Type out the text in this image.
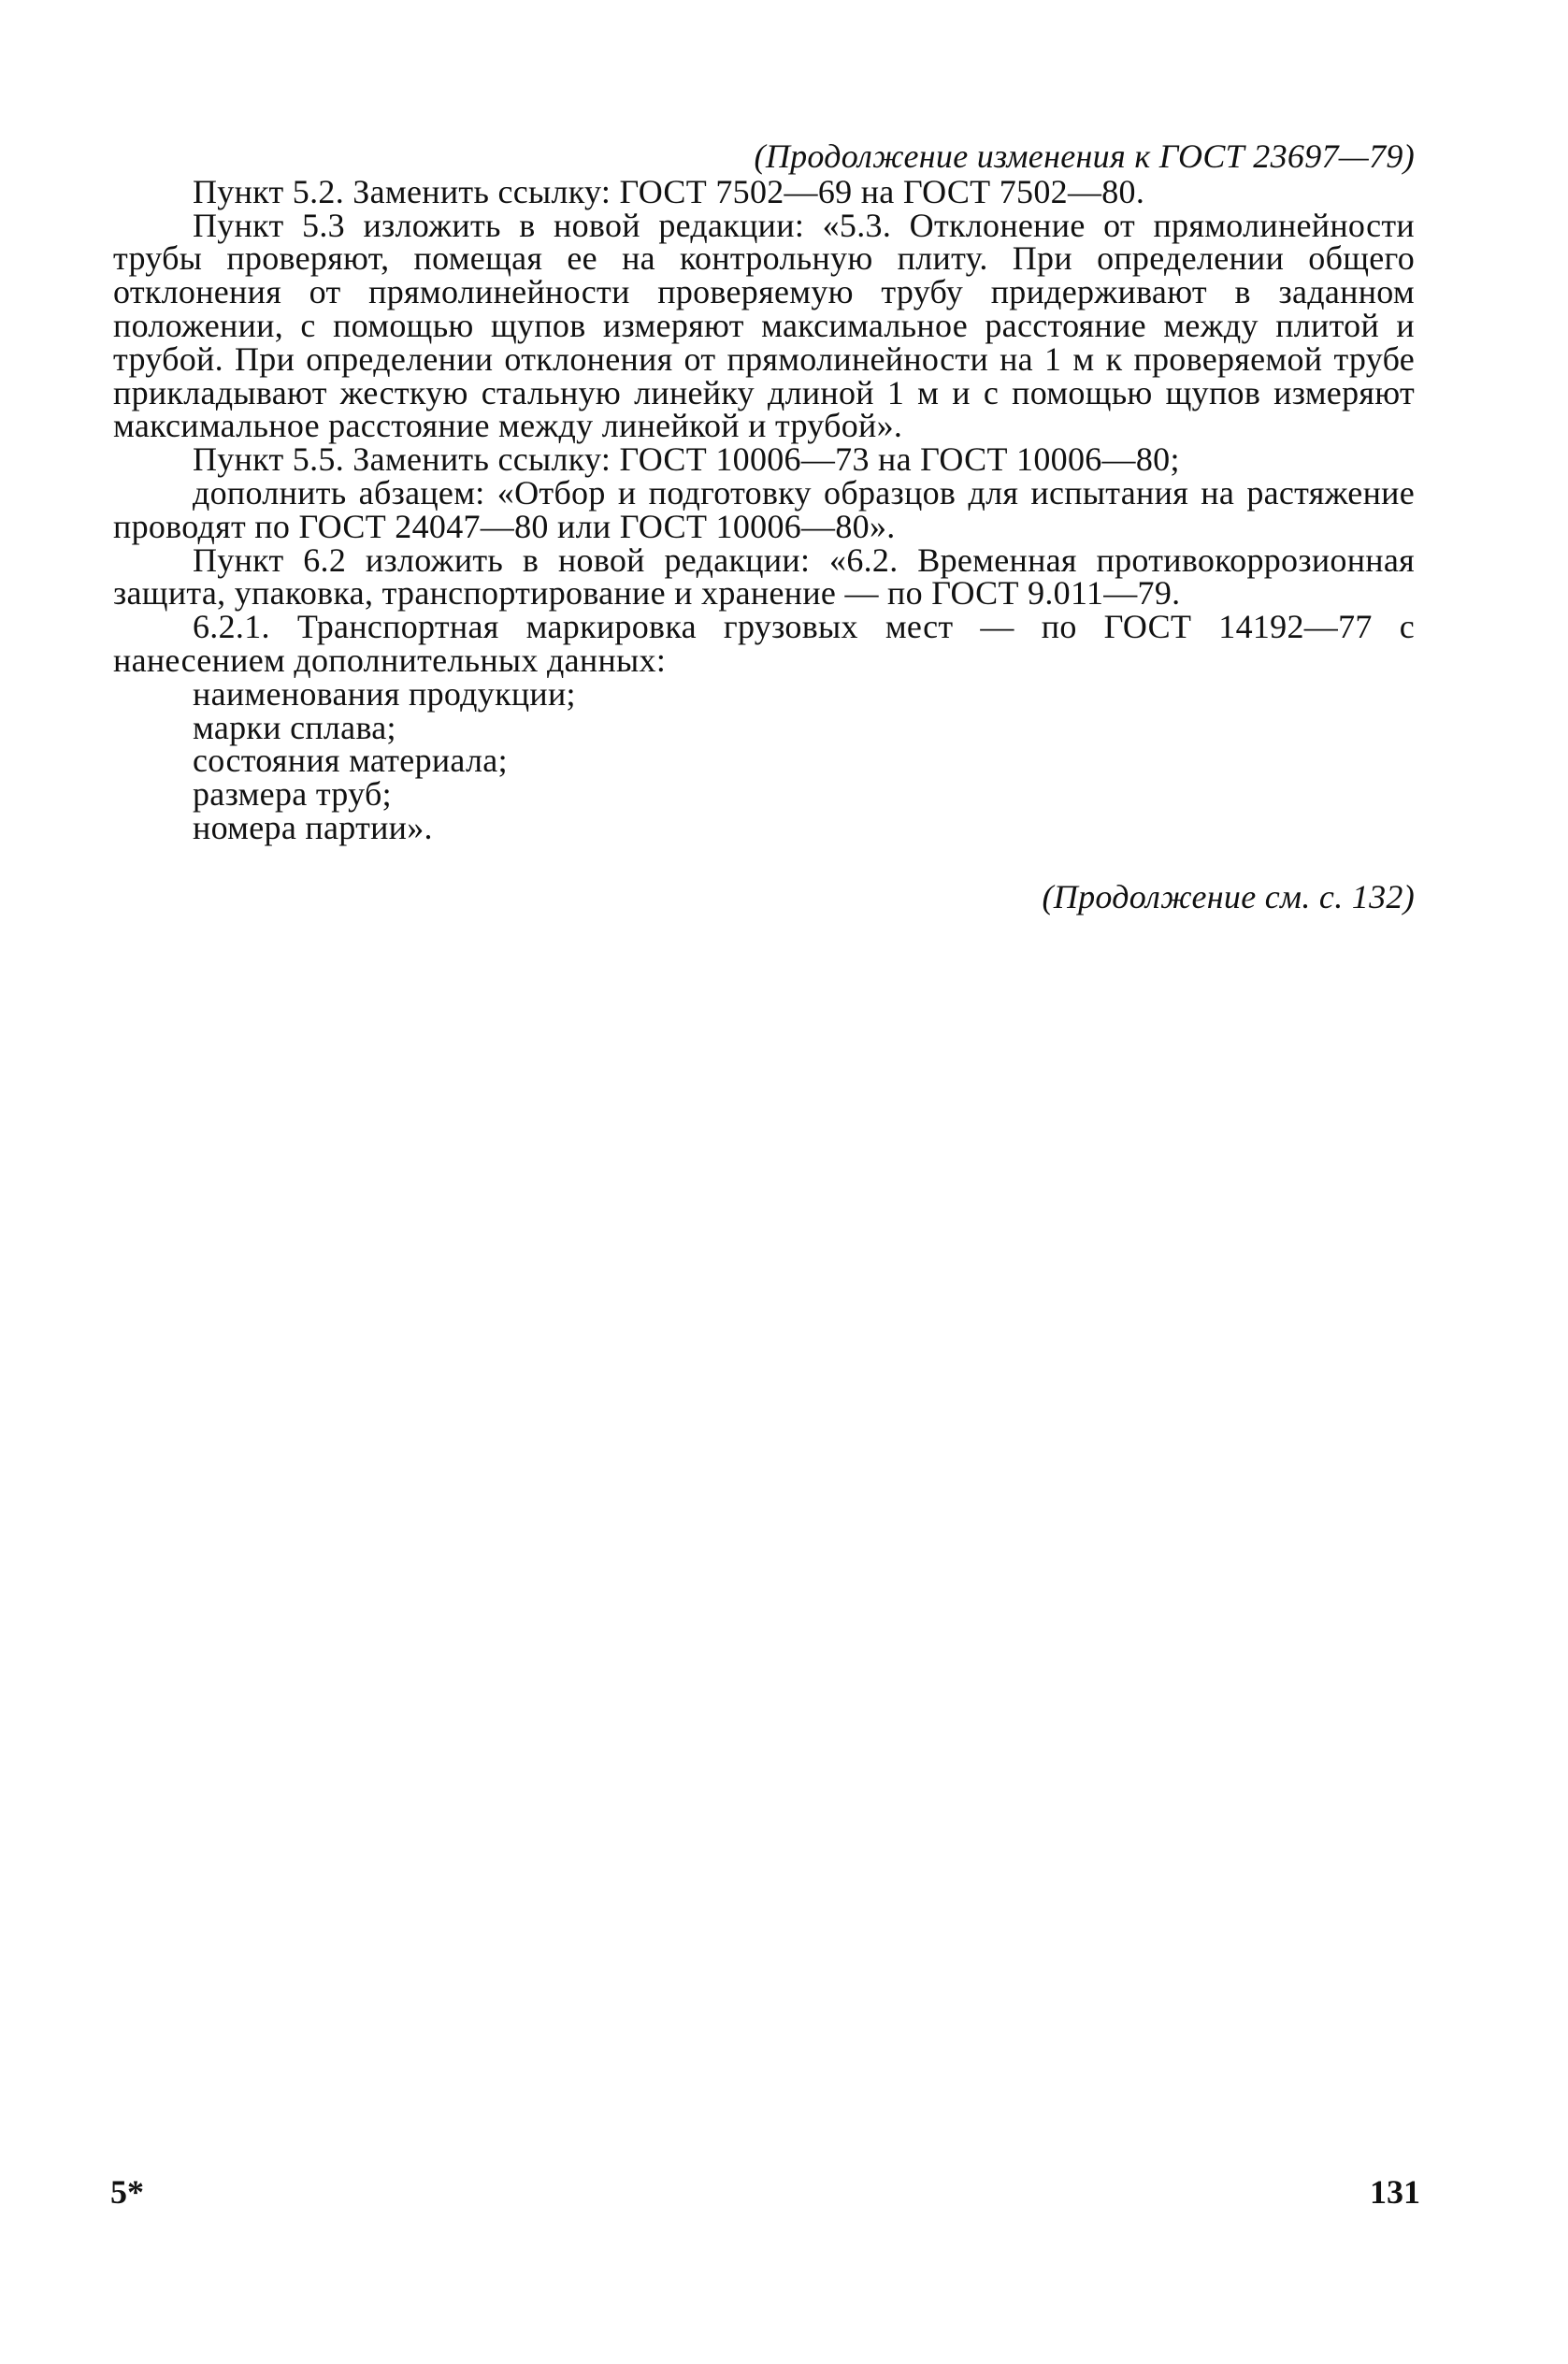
(Продолжение изменения к ГОСТ 23697—79)

Пункт 5.2. Заменить ссылку: ГОСТ 7502—69 на ГОСТ 7502—80.

Пункт 5.3 изложить в новой редакции: «5.3. Отклонение от прямолинейности трубы проверяют, помещая ее на контрольную плиту. При определении общего отклонения от прямолинейности проверяемую трубу придерживают в заданном положении, с помощью щупов измеряют максимальное расстояние между плитой и трубой. При определении отклонения от прямолинейности на 1 м к проверяемой трубе прикладывают жесткую стальную линейку длиной 1 м и с помощью щупов измеряют максимальное расстояние между линейкой и трубой».

Пункт 5.5. Заменить ссылку: ГОСТ 10006—73 на ГОСТ 10006—80;

дополнить абзацем: «Отбор и подготовку образцов для испытания на растяжение проводят по ГОСТ 24047—80 или ГОСТ 10006—80».

Пункт 6.2 изложить в новой редакции: «6.2. Временная противокоррозионная защита, упаковка, транспортирование и хранение — по ГОСТ 9.011—79.

6.2.1. Транспортная маркировка грузовых мест — по ГОСТ 14192—77 с нанесением дополнительных данных:

наименования продукции;

марки сплава;

состояния материала;

размера труб;

номера партии».

(Продолжение см. с. 132)

5*	131
